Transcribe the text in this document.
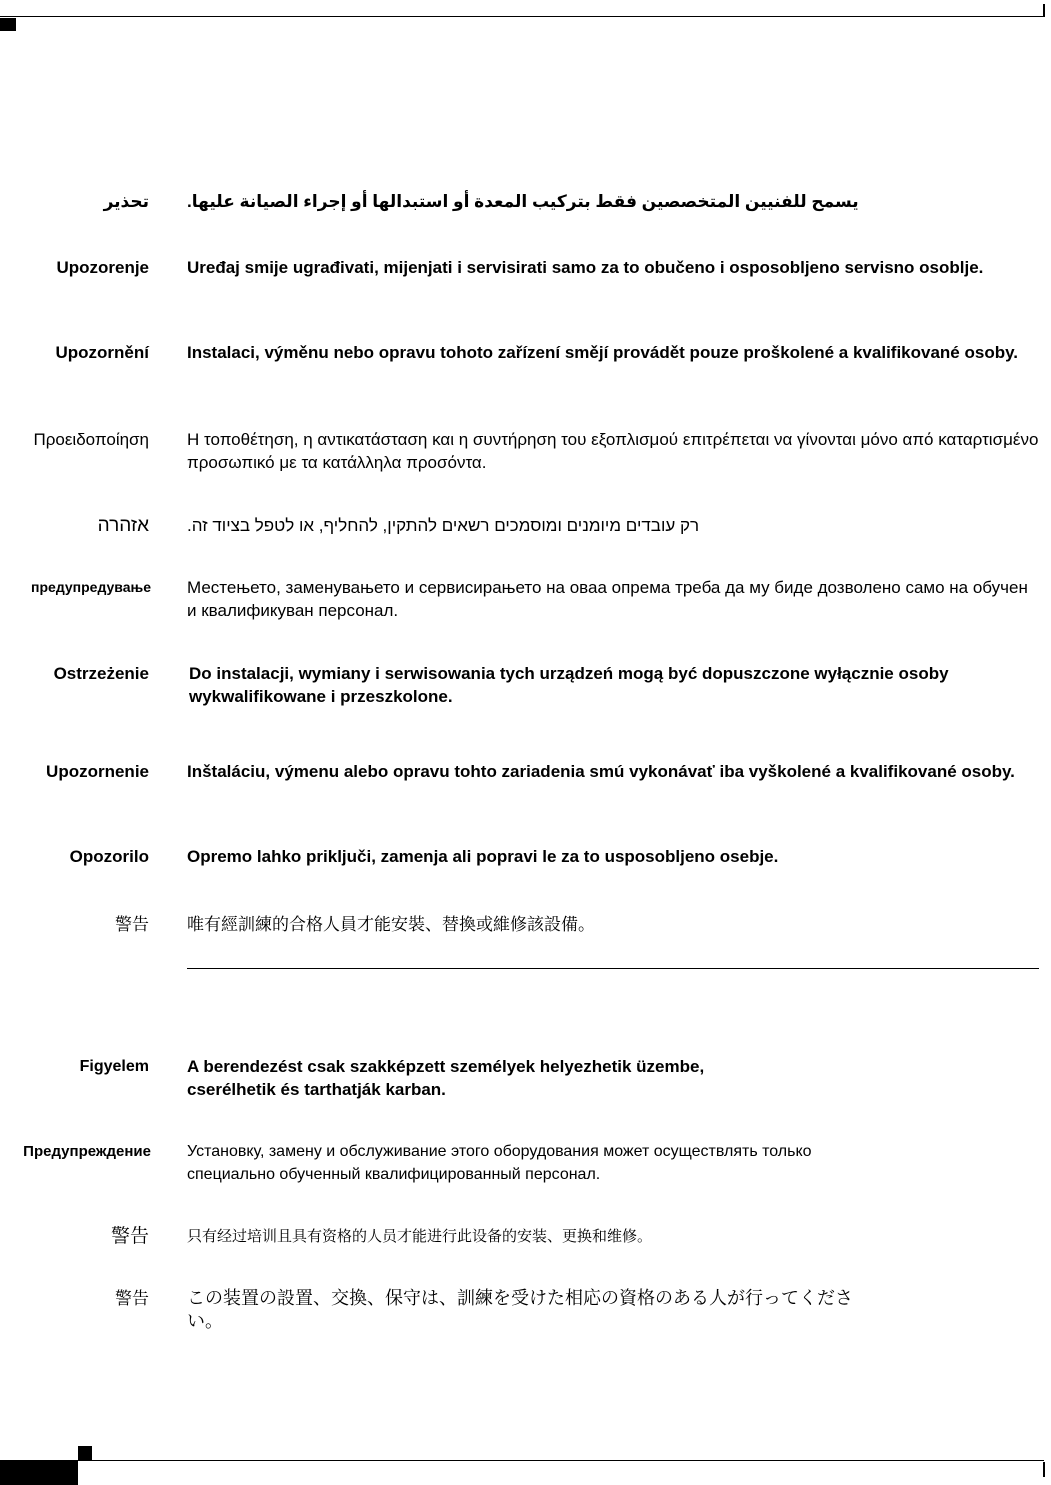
تحذير يسمح للفنيين المتخصصين فقط بتركيب المعدة أو استبدالها أو إجراء الصيانة عليها.
Upozorenje Uređaj smije ugrađivati, mijenjati i servisirati samo za to obučeno i osposobljeno servisno osoblje.
Upozornění Instalaci, výměnu nebo opravu tohoto zařízení smějí provádět pouze proškolené a kvalifikované osoby.
Προειδοποίηση Η τοποθέτηση, η αντικατάσταση και η συντήρηση του εξοπλισμού επιτρέπεται να γίνονται μόνο από καταρτισμένο προσωπικό με τα κατάλληλα προσόντα.
אזהרה רק עובדים מיומנים ומוסמכים רשאים להתקין, להחליף, או לטפל בציוד זה.
предупредување Местењето, заменувањето и сервисирањето на оваа опрема треба да му биде дозволено само на обучен и квалификуван персонал.
Ostrzeżenie Do instalacji, wymiany i serwisowania tych urządzeń mogą być dopuszczone wyłącznie osoby wykwalifikowane i przeszkolone.
Upozornenie Inštaláciu, výmenu alebo opravu tohto zariadenia smú vykonávať iba vyškolené a kvalifikované osoby.
Opozorilo Opremo lahko priključi, zamenja ali popravi le za to usposobljeno osebje.
警告 唯有經訓練的合格人員才能安裝、替換或維修該設備。
Figyelem A berendezést csak szakképzett személyek helyezhetik üzembe, cserélhetik és tarthatják karban.
Предупреждение Установку, замену и обслуживание этого оборудования может осуществлять только специально обученный квалифицированный персонал.
警告	只有经过培训且具有资格的人员才能进行此设备的安装、更换和维修。
警告 この装置の設置、交換、保守は、訓練を受けた相応の資格のある人が行ってください。
